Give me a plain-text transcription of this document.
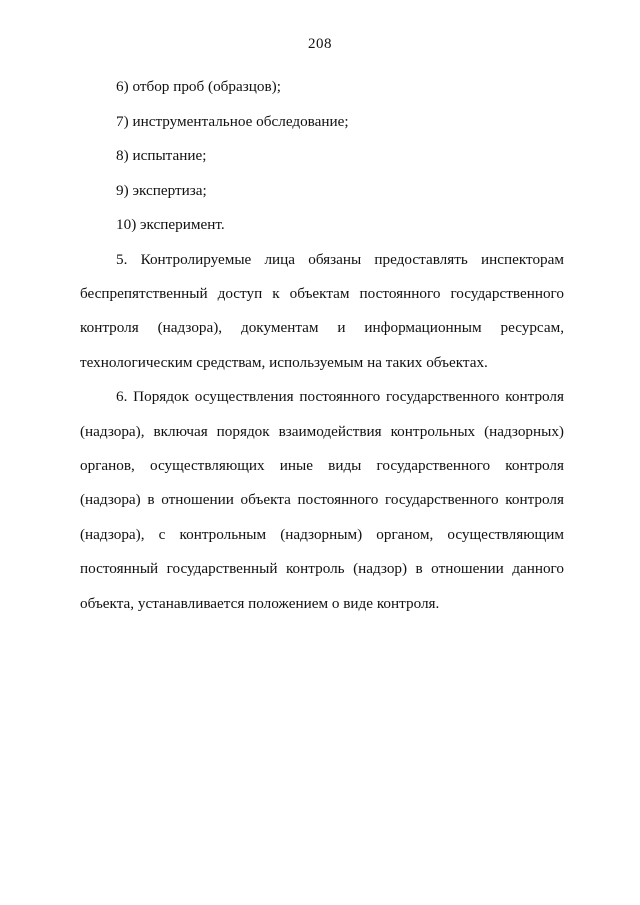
208
6) отбор проб (образцов);
7) инструментальное обследование;
8) испытание;
9) экспертиза;
10) эксперимент.

5. Контролируемые лица обязаны предоставлять инспекторам
беспрепятственный доступ к объектам постоянного государственного
контроля (надзора), документам и информационным ресурсам,
технологическим средствам, используемым на таких объектах.

6. Порядок осуществления постоянного государственного контроля
(надзора), включая порядок взаимодействия контрольных (надзорных)
органов, осуществляющих иные виды государственного контроля
(надзора) в отношении объекта постоянного государственного контроля
(надзора), с контрольным (надзорным) органом, осуществляющим
постоянный государственный контроль (надзор) в отношении данного
объекта, устанавливается положением о виде контроля.
